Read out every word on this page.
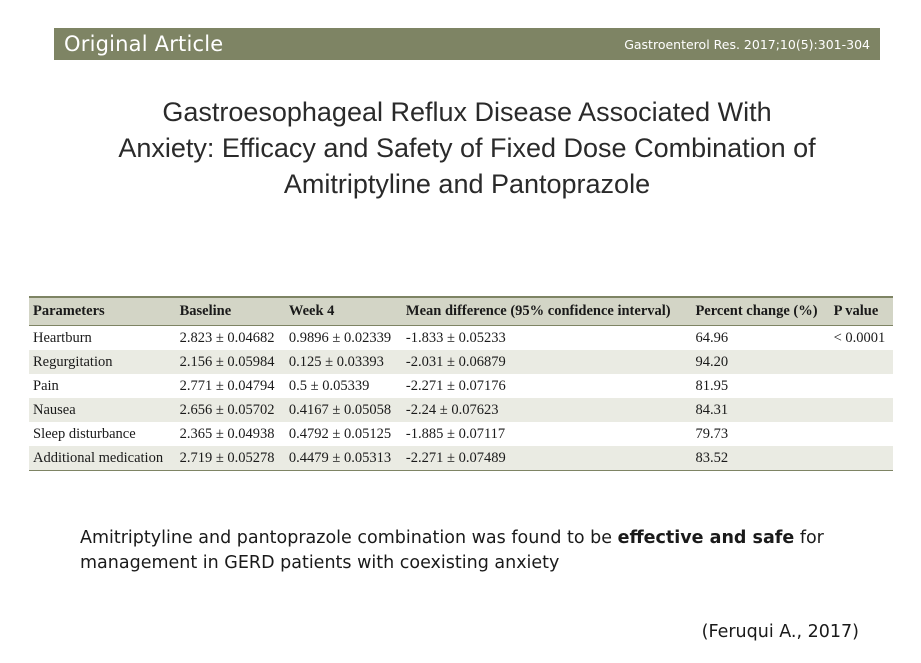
Original Article	Gastroenterol Res. 2017;10(5):301-304
Gastroesophageal Reflux Disease Associated With
Anxiety: Efficacy and Safety of Fixed Dose Combination of
Amitriptyline and Pantoprazole
Parameters	Baseline	Week 4	Mean difference (95% confidence interval)	Percent change (%)	P value
Heartburn	2.823 ± 0.04682	0.9896 ± 0.02339	-1.833 ± 0.05233	64.96	< 0.0001
Regurgitation	2.156 ± 0.05984	0.125 ± 0.03393	-2.031 ± 0.06879	94.20	
Pain	2.771 ± 0.04794	0.5 ± 0.05339	-2.271 ± 0.07176	81.95	
Nausea	2.656 ± 0.05702	0.4167 ± 0.05058	-2.24 ± 0.07623	84.31	
Sleep disturbance	2.365 ± 0.04938	0.4792 ± 0.05125	-1.885 ± 0.07117	79.73	
Additional medication	2.719 ± 0.05278	0.4479 ± 0.05313	-2.271 ± 0.07489	83.52	
Amitriptyline and pantoprazole combination was found to be effective and safe for management in GERD patients with coexisting anxiety
(Feruqui A., 2017)
